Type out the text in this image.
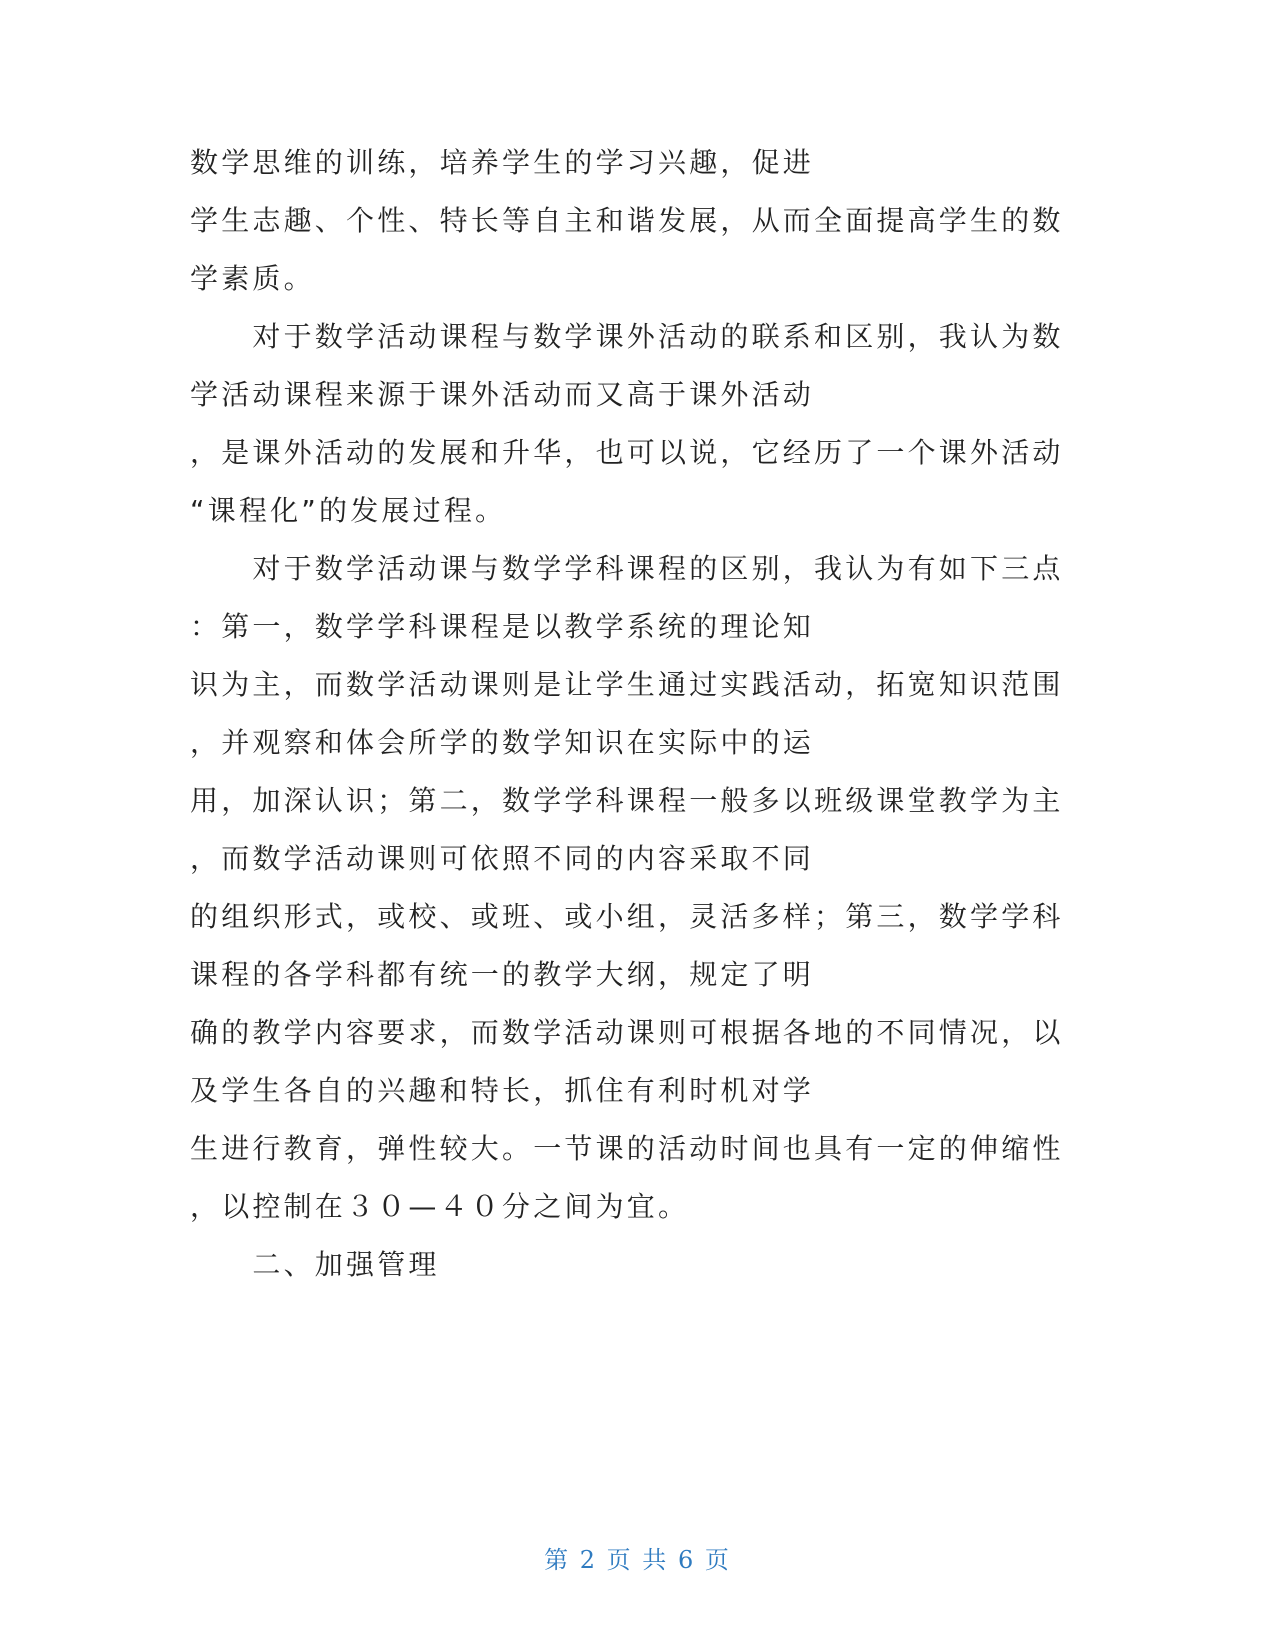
数学思维的训练，培养学生的学习兴趣，促进
学生志趣、个性、特长等自主和谐发展，从而全面提高学生的数
学素质。
　　对于数学活动课程与数学课外活动的联系和区别，我认为数
学活动课程来源于课外活动而又高于课外活动
，是课外活动的发展和升华，也可以说，它经历了一个课外活动
“课程化”的发展过程。
　　对于数学活动课与数学学科课程的区别，我认为有如下三点
：第一，数学学科课程是以教学系统的理论知
识为主，而数学活动课则是让学生通过实践活动，拓宽知识范围
，并观察和体会所学的数学知识在实际中的运
用，加深认识；第二，数学学科课程一般多以班级课堂教学为主
，而数学活动课则可依照不同的内容采取不同
的组织形式，或校、或班、或小组，灵活多样；第三，数学学科
课程的各学科都有统一的教学大纲，规定了明
确的教学内容要求，而数学活动课则可根据各地的不同情况，以
及学生各自的兴趣和特长，抓住有利时机对学
生进行教育，弹性较大。一节课的活动时间也具有一定的伸缩性
，以控制在３０—４０分之间为宜。
　　二、加强管理
第 2 页 共 6 页
